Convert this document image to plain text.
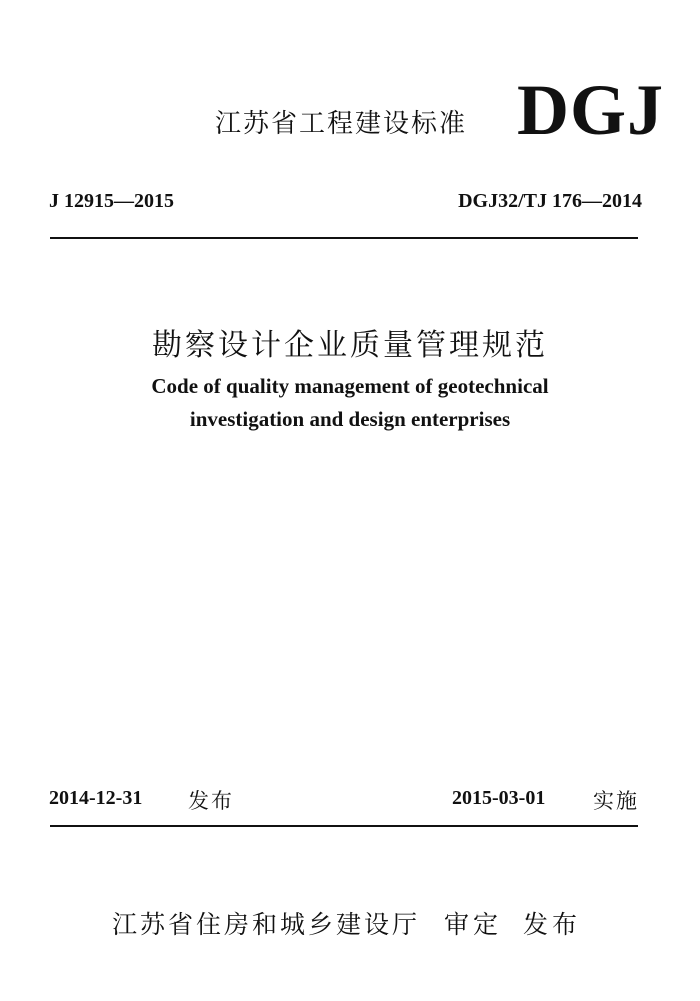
江苏省工程建设标准 DGJ
J 12915—2015	DGJ32/TJ 176—2014
勘察设计企业质量管理规范
Code of quality management of geotechnical
investigation and design enterprises
2014-12-31 发布	2015-03-01 实施
江苏省住房和城乡建设厅 审定 发布
